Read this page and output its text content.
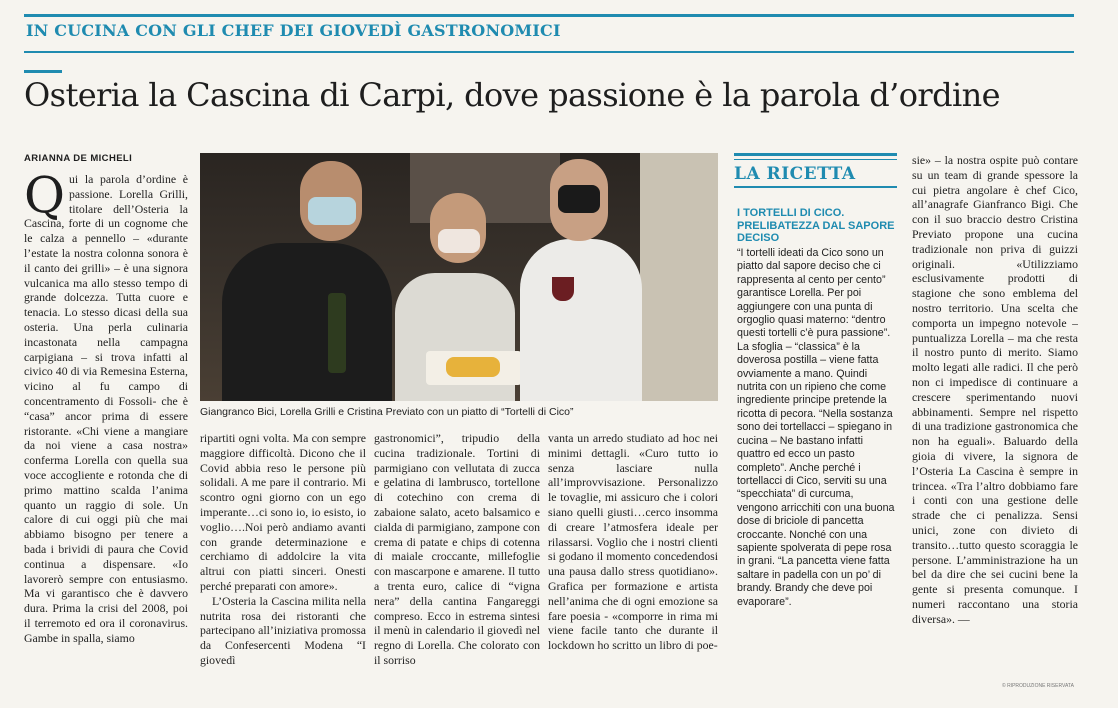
IN CUCINA CON GLI CHEF DEI GIOVEDÌ GASTRONOMICI
Osteria la Cascina di Carpi, dove passione è la parola d’ordine
ARIANNA DE MICHELI
Qui la parola d’ordine è passione. Lorella Grilli, titolare dell’Osteria la Cascina, forte di un cognome che le calza a pennello – «durante l’estate la nostra colonna sonora è il canto dei grilli» – è una signora vulcanica ma allo stesso tempo di grande dolcezza. Tutta cuore e tenacia. Lo stesso dicasi della sua osteria. Una perla culinaria incastonata nella campagna carpigiana – si trova infatti al civico 40 di via Remesina Esterna, vicino al fu campo di concentramento di Fossoli- che è “casa” ancor prima di essere ristorante. «Chi viene a mangiare da noi viene a casa nostra» conferma Lorella con quella sua voce accogliente e rotonda che di primo mattino scalda l’anima quanto un raggio di sole. Un calore di cui oggi più che mai abbiamo bisogno per tenere a bada i brividi di paura che Covid continua a dispensare. «Io lavorerò sempre con entusiasmo. Ma vi garantisco che è davvero dura. Prima la crisi del 2008, poi il terremoto ed ora il coronavirus. Gambe in spalla, siamo
Giangranco Bici, Lorella Grilli e Cristina Previato con un piatto di “Tortelli di Cico”

ripartiti ogni volta. Ma con sempre maggiore difficoltà. Dicono che il Covid abbia reso le persone più solidali. A me pare il contrario. Mi scontro ogni giorno con un ego imperante…ci sono io, io esisto, io voglio….Noi però andiamo avanti con grande determinazione e cerchiamo di addolcire la vita altrui con piatti sinceri. Onesti perché preparati con amore».

L’Osteria la Cascina milita nella nutrita rosa dei ristoranti che partecipano all’iniziativa promossa da Confesercenti Modena “I giovedì

gastronomici”, tripudio della cucina tradizionale. Tortini di parmigiano con vellutata di zucca e gelatina di lambrusco, tortellone di cotechino con crema di zabaione salato, aceto balsamico e cialda di parmigiano, zampone con crema di patate e chips di cotenna di maiale croccante, millefoglie con mascarpone e amarene. Il tutto a trenta euro, calice di “vigna nera” della cantina Fangareggi compreso. Ecco in estrema sintesi il menù in calendario il giovedì nel regno di Lorella. Che colorato con il sorriso

vanta un arredo studiato ad hoc nei minimi dettagli. «Curo tutto io senza lasciare nulla all’improvvisazione. Personalizzo le tovaglie, mi assicuro che i colori siano quelli giusti…cerco insomma di creare l’atmosfera ideale per rilassarsi. Voglio che i nostri clienti si godano il momento concedendosi una pausa dallo stress quotidiano». Grafica per formazione e artista nell’anima che di ogni emozione sa fare poesia - «comporre in rima mi viene facile tanto che durante il lockdown ho scritto un libro di poe-

LA RICETTA
I TORTELLI DI CICO. PRELIBATEZZA DAL SAPORE DECISO
“I tortelli ideati da Cico sono un piatto dal sapore deciso che ci rappresenta al cento per cento” garantisce Lorella. Per poi aggiungere con una punta di orgoglio quasi materno: “dentro questi tortelli c’è pura passione”. La sfoglia – “classica” è la doverosa postilla – viene fatta ovviamente a mano. Quindi nutrita con un ripieno che come ingrediente principe pretende la ricotta di pecora. “Nella sostanza sono dei tortellacci – spiegano in cucina – Ne bastano infatti quattro ed ecco un pasto completo”. Anche perché i tortellacci di Cico, serviti su una “specchiata” di curcuma, vengono arricchiti con una buona dose di briciole di pancetta croccante. Nonché con una sapiente spolverata di pepe rosa in grani. “La pancetta viene fatta saltare in padella con un po’ di brandy. Brandy che deve poi evaporare”.

sie» – la nostra ospite può contare su un team di grande spessore la cui pietra angolare è chef Cico, all’anagrafe Gianfranco Bigi. Che con il suo braccio destro Cristina Previato propone una cucina tradizionale non priva di guizzi originali. «Utilizziamo esclusivamente prodotti di stagione che sono emblema del nostro territorio. Una scelta che comporta un impegno notevole – puntualizza Lorella – ma che resta il nostro punto di merito. Siamo molto legati alle radici. Il che però non ci impedisce di continuare a crescere sperimentando nuovi abbinamenti. Sempre nel rispetto di una tradizione gastronomica che non ha eguali». Baluardo della gioia di vivere, la signora de l’Osteria La Cascina è sempre in trincea. «Tra l’altro dobbiamo fare i conti con una gestione delle strade che ci penalizza. Sensi unici, zone con divieto di transito…tutto questo scoraggia le persone. L’amministrazione ha un bel da dire che sei cucini bene la gente si presenta comunque. I numeri raccontano una storia diversa». —

© RIPRODUZIONE RISERVATA
